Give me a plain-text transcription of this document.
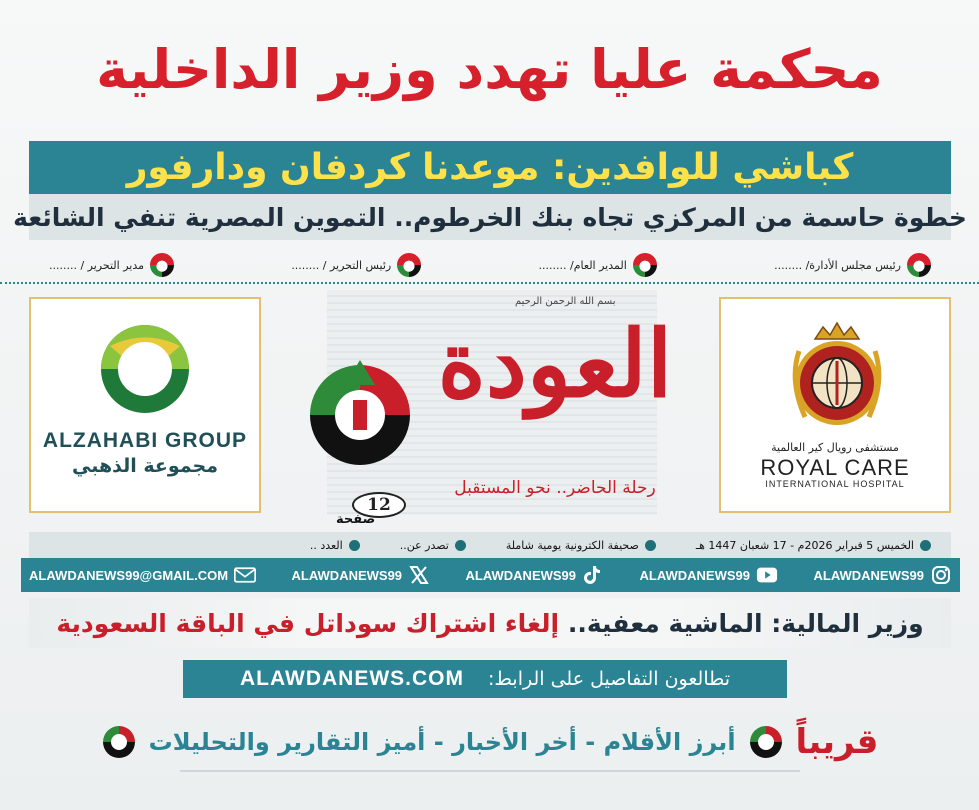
محكمة عليا تهدد وزير الداخلية
كباشي للوافدين: موعدنا كردفان ودارفور
خطوة حاسمة من المركزي تجاه بنك الخرطوم.. التموين المصرية تنفي الشائعة
رئيس مجلس الأدارة/ ........
المدير العام/ ........
رئيس التحرير / ........
مدير التحرير / ........
ALZAHABI GROUP
مجموعة الذهبي
مستشفى رويال كير العالمية
ROYAL CARE
INTERNATIONAL HOSPITAL
بسم الله الرحمن الرحيم
العودة
رحلة الحاضر.. نحو المستقبل
12
صفحة
الخميس 5 فبراير 2026م - 17 شعبان 1447 هـ
صحيفة الكترونية يومية شاملة
تصدر عن..
العدد ..
ALAWDANEWS99
ALAWDANEWS99
ALAWDANEWS99
ALAWDANEWS99
ALAWDANEWS99@GMAIL.COM
وزير المالية: الماشية معفية..

إلغاء اشتراك سوداتل في الباقة السعودية
تطالعون التفاصيل على الرابط:
ALAWDANEWS.COM
قريباً
أبرز الأقلام - أخر الأخبار - أميز التقارير والتحليلات
